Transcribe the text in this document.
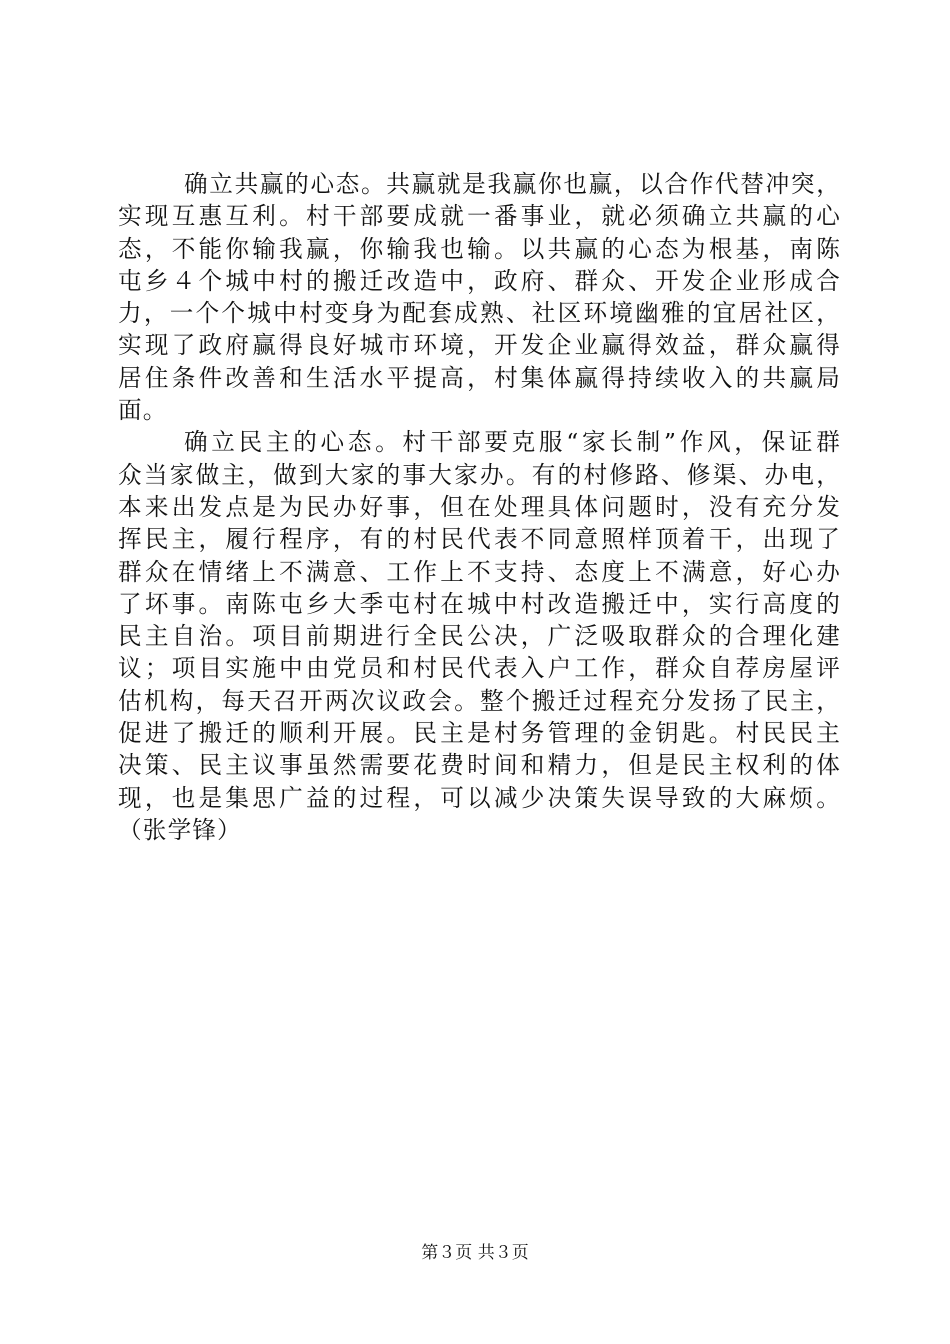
确立共赢的心态。共赢就是我赢你也赢，以合作代替冲突，
实现互惠互利。村干部要成就一番事业，就必须确立共赢的心
态，不能你输我赢，你输我也输。以共赢的心态为根基，南陈
屯乡４个城中村的搬迁改造中，政府、群众、开发企业形成合
力，一个个城中村变身为配套成熟、社区环境幽雅的宜居社区，
实现了政府赢得良好城市环境，开发企业赢得效益，群众赢得
居住条件改善和生活水平提高，村集体赢得持续收入的共赢局
面。
确立民主的心态。村干部要克服“家长制”作风，保证群
众当家做主，做到大家的事大家办。有的村修路、修渠、办电，
本来出发点是为民办好事，但在处理具体问题时，没有充分发
挥民主，履行程序，有的村民代表不同意照样顶着干，出现了
群众在情绪上不满意、工作上不支持、态度上不满意，好心办
了坏事。南陈屯乡大季屯村在城中村改造搬迁中，实行高度的
民主自治。项目前期进行全民公决，广泛吸取群众的合理化建
议；项目实施中由党员和村民代表入户工作，群众自荐房屋评
估机构，每天召开两次议政会。整个搬迁过程充分发扬了民主，
促进了搬迁的顺利开展。民主是村务管理的金钥匙。村民民主
决策、民主议事虽然需要花费时间和精力，但是民主权利的体
现，也是集思广益的过程，可以减少决策失误导致的大麻烦。
（张学锋）
第３页 共３页
